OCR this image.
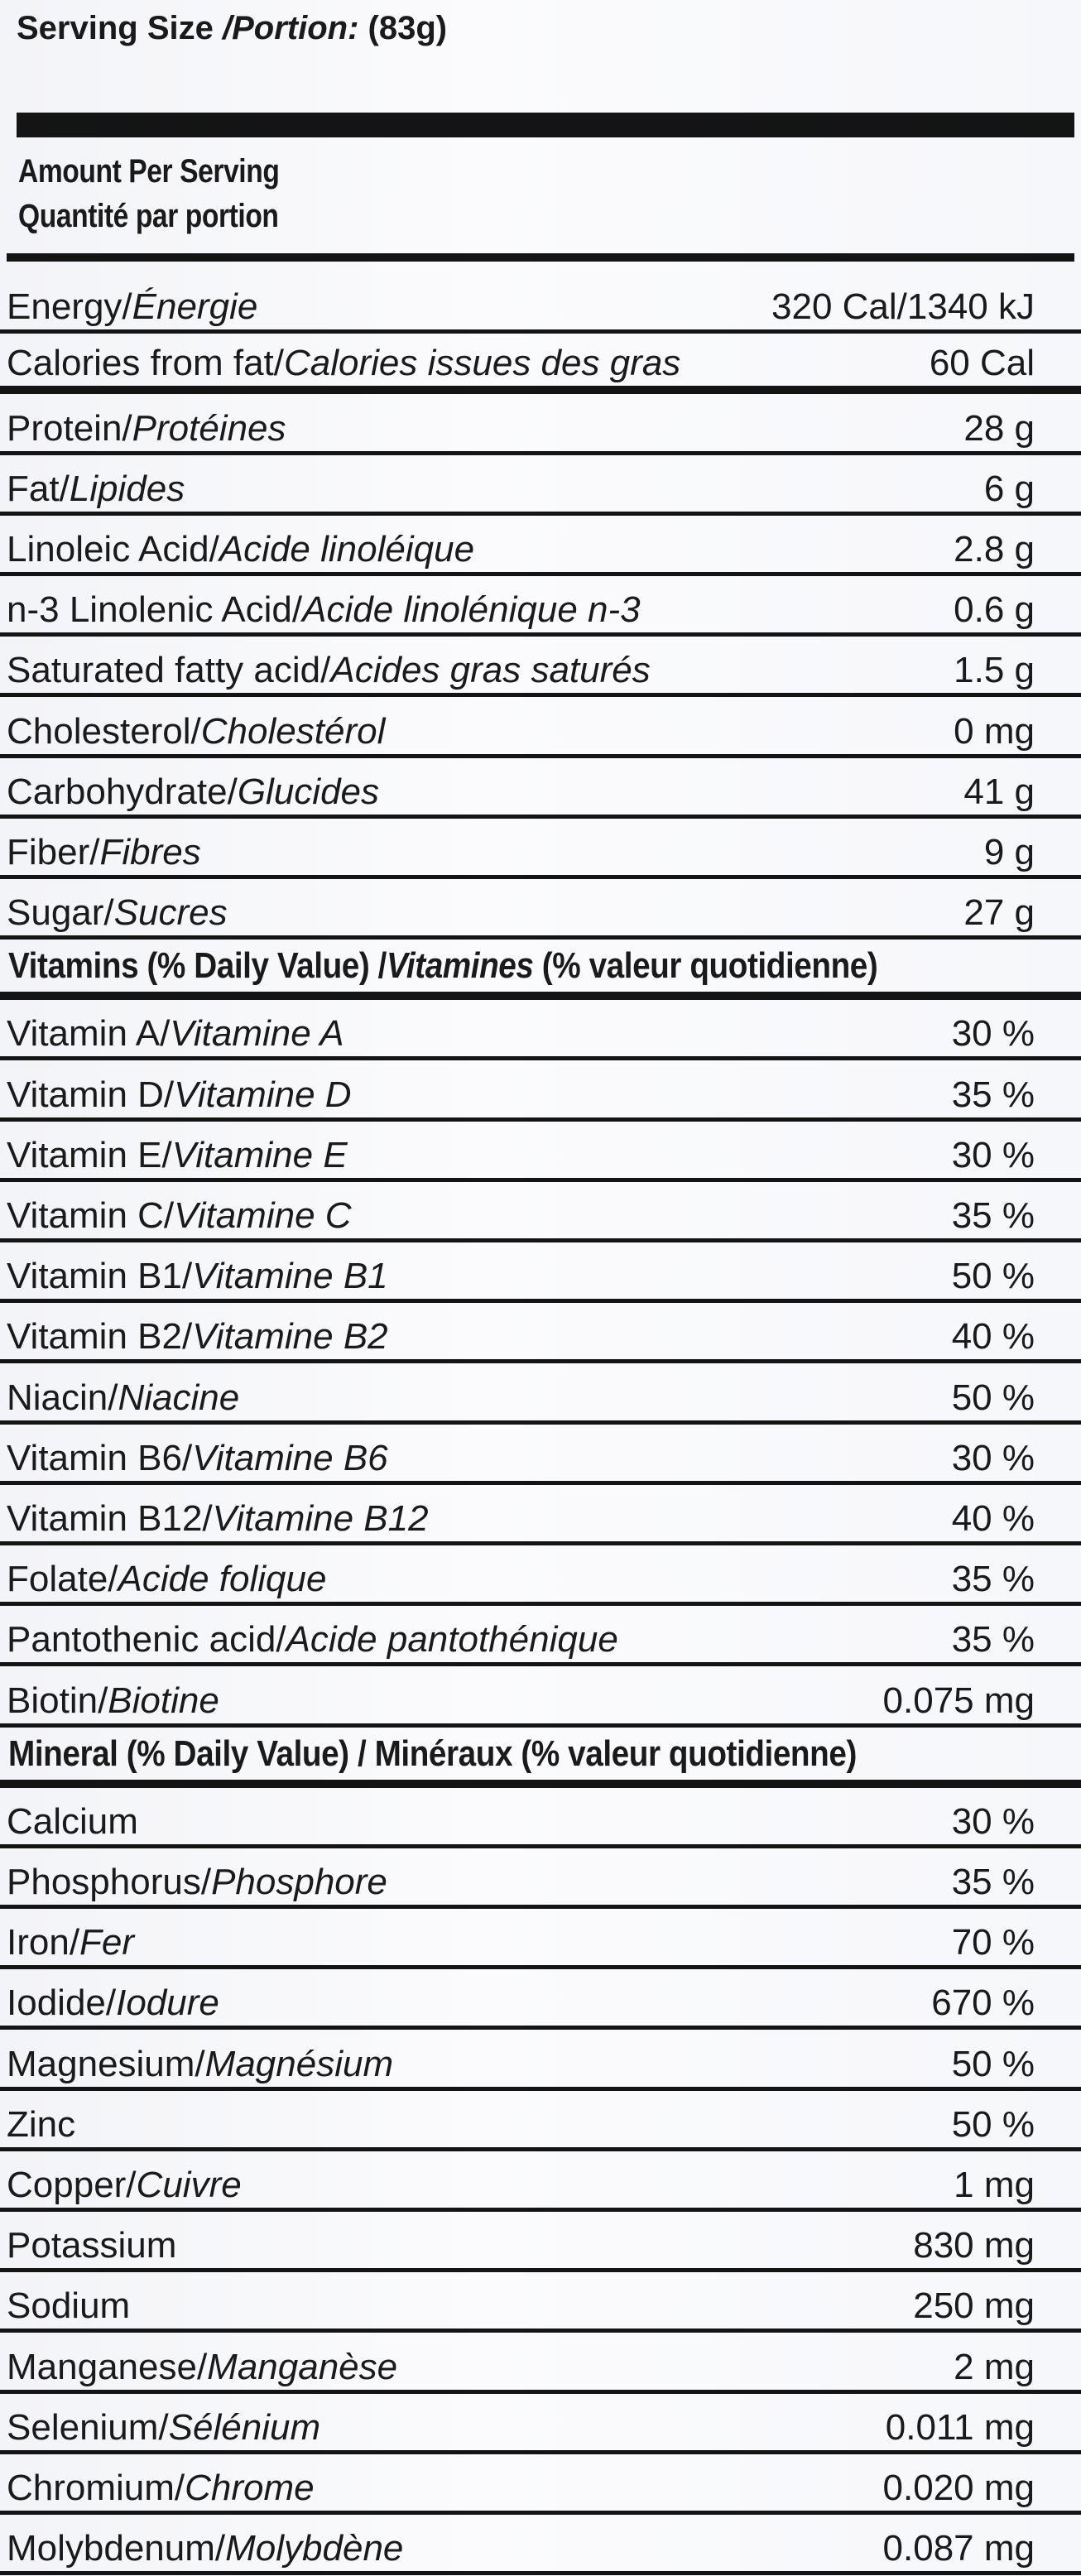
Serving Size /Portion: (83g)
Amount Per Serving
Quantité par portion
Energy/Énergie	320 Cal/1340 kJ
Calories from fat/Calories issues des gras	60 Cal
Protein/Protéines	28 g
Fat/Lipides	6 g
Linoleic Acid/Acide linoléique	2.8 g
n-3 Linolenic Acid/Acide linolénique n-3	0.6 g
Saturated fatty acid/Acides gras saturés	1.5 g
Cholesterol/Cholestérol	0 mg
Carbohydrate/Glucides	41 g
Fiber/Fibres	9 g
Sugar/Sucres	27 g
Vitamins (% Daily Value) /Vitamines (% valeur quotidienne)
Vitamin A/Vitamine A	30 %
Vitamin D/Vitamine D	35 %
Vitamin E/Vitamine E	30 %
Vitamin C/Vitamine C	35 %
Vitamin B1/Vitamine B1	50 %
Vitamin B2/Vitamine B2	40 %
Niacin/Niacine	50 %
Vitamin B6/Vitamine B6	30 %
Vitamin B12/Vitamine B12	40 %
Folate/Acide folique	35 %
Pantothenic acid/Acide pantothénique	35 %
Biotin/Biotine	0.075 mg
Mineral (% Daily Value) / Minéraux (% valeur quotidienne)
Calcium	30 %
Phosphorus/Phosphore	35 %
Iron/Fer	70 %
Iodide/Iodure	670 %
Magnesium/Magnésium	50 %
Zinc	50 %
Copper/Cuivre	1 mg
Potassium	830 mg
Sodium	250 mg
Manganese/Manganèse	2 mg
Selenium/Sélénium	0.011 mg
Chromium/Chrome	0.020 mg
Molybdenum/Molybdène	0.087 mg
